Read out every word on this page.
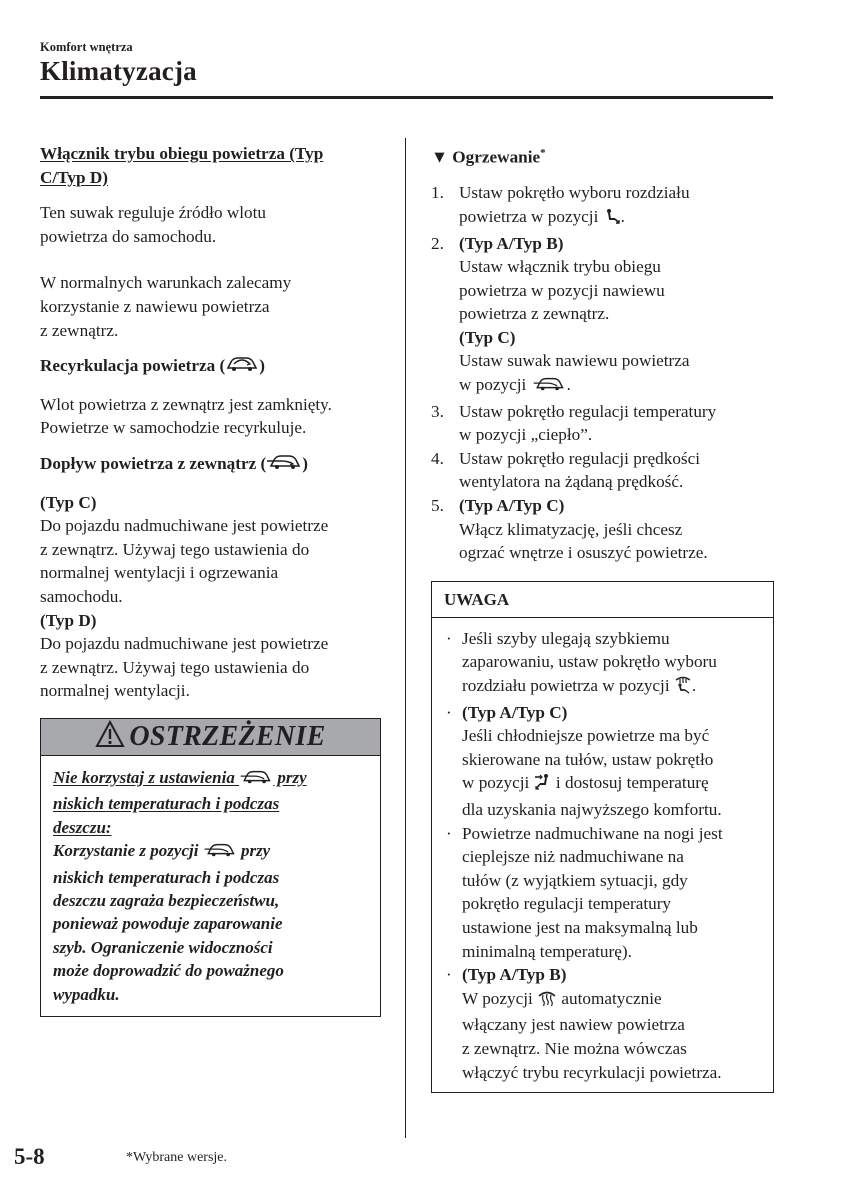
Komfort wnętrza
Klimatyzacja
Włącznik trybu obiegu powietrza (Typ
C/Typ D)
Ten suwak reguluje źródło wlotu
powietrza do samochodu.
W normalnych warunkach zalecamy
korzystanie z nawiewu powietrza
z zewnątrz.
Recyrkulacja powietrza ( )
Wlot powietrza z zewnątrz jest zamknięty.
Powietrze w samochodzie recyrkuluje.
Dopływ powietrza z zewnątrz ( )
(Typ C)
Do pojazdu nadmuchiwane jest powietrze
z zewnątrz. Używaj tego ustawienia do
normalnej wentylacji i ogrzewania
samochodu.
(Typ D)
Do pojazdu nadmuchiwane jest powietrze
z zewnątrz. Używaj tego ustawienia do
normalnej wentylacji.
OSTRZEŻENIE
Nie korzystaj z ustawienia  przy
niskich temperaturach i podczas
deszczu:
Korzystanie z pozycji  przy
niskich temperaturach i podczas
deszczu zagraża bezpieczeństwu,
ponieważ powoduje zaparowanie
szyb. Ograniczenie widoczności
może doprowadzić do poważnego
wypadku.
▼ Ogrzewanie*
1. Ustaw pokrętło wyboru rozdziału
powietrza w pozycji .
2. (Typ A/Typ B)
Ustaw włącznik trybu obiegu
powietrza w pozycji nawiewu
powietrza z zewnątrz.
(Typ C)
Ustaw suwak nawiewu powietrza
w pozycji .
3. Ustaw pokrętło regulacji temperatury
w pozycji „ciepło”.
4. Ustaw pokrętło regulacji prędkości
wentylatora na żądaną prędkość.
5. (Typ A/Typ C)
Włącz klimatyzację, jeśli chcesz
ogrzać wnętrze i osuszyć powietrze.
UWAGA
· Jeśli szyby ulegają szybkiemu
zaparowaniu, ustaw pokrętło wyboru
rozdziału powietrza w pozycji .
· (Typ A/Typ C)
Jeśli chłodniejsze powietrze ma być
skierowane na tułów, ustaw pokrętło
w pozycji  i dostosuj temperaturę
dla uzyskania najwyższego komfortu.
· Powietrze nadmuchiwane na nogi jest
cieplejsze niż nadmuchiwane na
tułów (z wyjątkiem sytuacji, gdy
pokrętło regulacji temperatury
ustawione jest na maksymalną lub
minimalną temperaturę).
· (Typ A/Typ B)
W pozycji  automatycznie
włączany jest nawiew powietrza
z zewnątrz. Nie można wówczas
włączyć trybu recyrkulacji powietrza.
5-8	*Wybrane wersje.
